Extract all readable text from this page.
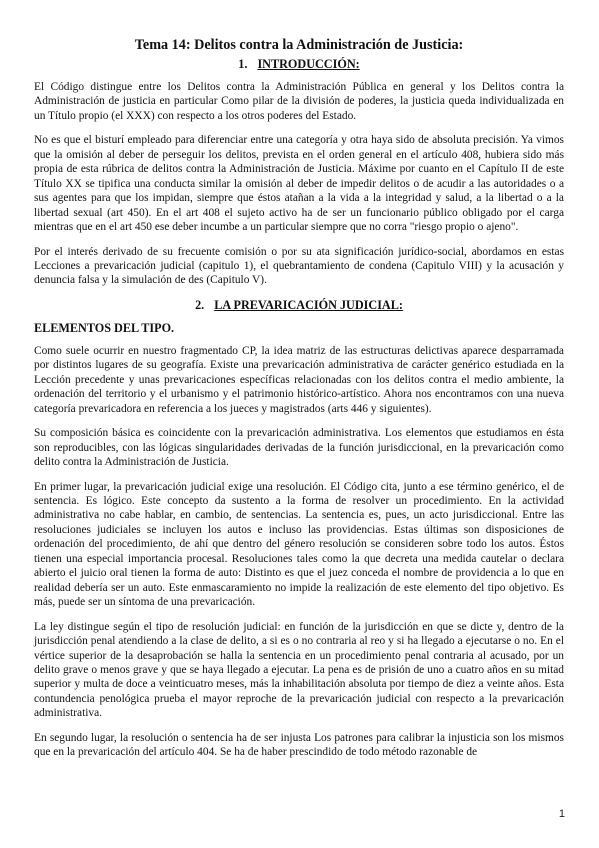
Tema 14: Delitos contra la Administración de Justicia:
1. INTRODUCCIÓN:

El Código distingue entre los Delitos contra la Administración Pública en general y los Delitos contra la Administración de justicia en particular Como pilar de la división de poderes, la justicia queda individualizada en un Título propio (el XXX) con respecto a los otros poderes del Estado.

No es que el bisturí empleado para diferenciar entre una categoría y otra haya sido de absoluta precisión. Ya vimos que la omisión al deber de perseguir los delitos, prevista en el orden general en el artículo 408, hubiera sido más propia de esta rúbrica de delitos contra la Administración de Justicia. Máxime por cuanto en el Capítulo II de este Título XX se tipifica una conducta similar la omisión al deber de impedir delitos o de acudir a las autoridades o a sus agentes para que los impidan, siempre que éstos atañan a la vida a la integridad y salud, a la libertad o a la libertad sexual (art 450). En el art 408 el sujeto activo ha de ser un funcionario público obligado por el carga mientras que en el art 450 ese deber incumbe a un particular siempre que no corra "riesgo propio o ajeno".

Por el interés derivado de su frecuente comisión o por su ata significación jurídico-social, abordamos en estas Lecciones a prevaricación judicial (capitulo 1), el quebrantamiento de condena (Capitulo VIII) y la acusación y denuncia falsa y la simulación de des (Capitulo V).

2. LA PREVARICACIÓN JUDICIAL:
ELEMENTOS DEL TIPO.

Como suele ocurrir en nuestro fragmentado CP, la idea matriz de las estructuras delictivas aparece desparramada por distintos lugares de su geografía. Existe una prevaricación administrativa de carácter genérico estudiada en la Lección precedente y unas prevaricaciones específicas relacionadas con los delitos contra el medio ambiente, la ordenación del territorio y el urbanismo y el patrimonio histórico-artístico. Ahora nos encontramos con una nueva categoría prevaricadora en referencia a los jueces y magistrados (arts 446 y siguientes).

Su composición básica es coincidente con la prevaricación administrativa. Los elementos que estudiamos en ésta son reproducibles, con las lógicas singularidades derivadas de la función jurisdiccional, en la prevaricación como delito contra la Administración de Justicia.

En primer lugar, la prevaricación judicial exige una resolución. El Código cita, junto a ese término genérico, el de sentencia. Es lógico. Este concepto da sustento a la forma de resolver un procedimiento. En la actividad administrativa no cabe hablar, en cambio, de sentencias. La sentencia es, pues, un acto jurisdiccional. Entre las resoluciones judiciales se incluyen los autos e incluso las providencias. Estas últimas son disposiciones de ordenación del procedimiento, de ahí que dentro del género resolución se consideren sobre todo los autos. Éstos tienen una especial importancia procesal. Resoluciones tales como la que decreta una medida cautelar o declara abierto el juicio oral tienen la forma de auto: Distinto es que el juez conceda el nombre de providencia a lo que en realidad debería ser un auto. Este enmascaramiento no impide la realización de este elemento del tipo objetivo. Es más, puede ser un síntoma de una prevaricación.

La ley distingue según el tipo de resolución judicial: en función de la jurisdicción en que se dicte y, dentro de la jurisdicción penal atendiendo a la clase de delito, a si es o no contraria al reo y si ha llegado a ejecutarse o no. En el vértice superior de la desaprobación se halla la sentencia en un procedimiento penal contraria al acusado, por un delito grave o menos grave y que se haya llegado a ejecutar. La pena es de prisión de uno a cuatro años en su mitad superior y multa de doce a veinticuatro meses, más la inhabilitación absoluta por tiempo de diez a veinte años. Esta contundencia penológica prueba el mayor reproche de la prevaricación judicial con respecto a la prevaricación administrativa.

En segundo lugar, la resolución o sentencia ha de ser injusta Los patrones para calibrar la injusticia son los mismos que en la prevaricación del artículo 404. Se ha de haber prescindido de todo método razonable de

1
